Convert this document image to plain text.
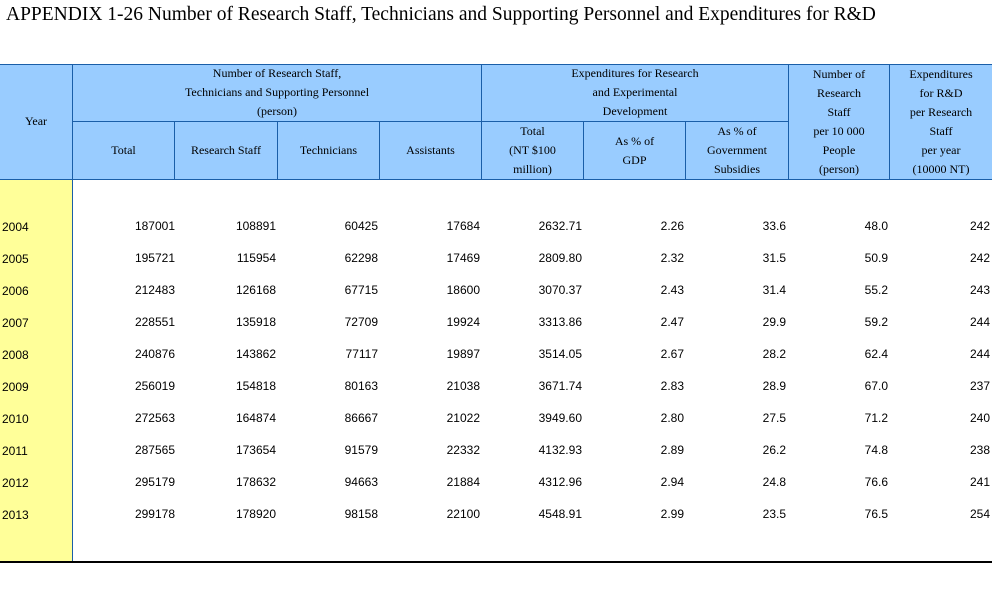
APPENDIX 1-26 Number of Research Staff, Technicians and Supporting Personnel and Expenditures for R&D
Year
Number of Research Staff,
Technicians and Supporting Personnel
(person)
Expenditures for Research
and Experimental
Development
Number of
Research
Staff
per 10 000
People
(person)
Expenditures
for R&D
per Research
Staff
per year
(10000 NT)
Total	Research Staff	Technicians	Assistants
Total
(NT $100
million)
As % of
GDP
As % of
Government
Subsidies
2004	187001	108891	60425	17684	2632.71	2.26	33.6	48.0	242
2005	195721	115954	62298	17469	2809.80	2.32	31.5	50.9	242
2006	212483	126168	67715	18600	3070.37	2.43	31.4	55.2	243
2007	228551	135918	72709	19924	3313.86	2.47	29.9	59.2	244
2008	240876	143862	77117	19897	3514.05	2.67	28.2	62.4	244
2009	256019	154818	80163	21038	3671.74	2.83	28.9	67.0	237
2010	272563	164874	86667	21022	3949.60	2.80	27.5	71.2	240
2011	287565	173654	91579	22332	4132.93	2.89	26.2	74.8	238
2012	295179	178632	94663	21884	4312.96	2.94	24.8	76.6	241
2013	299178	178920	98158	22100	4548.91	2.99	23.5	76.5	254
